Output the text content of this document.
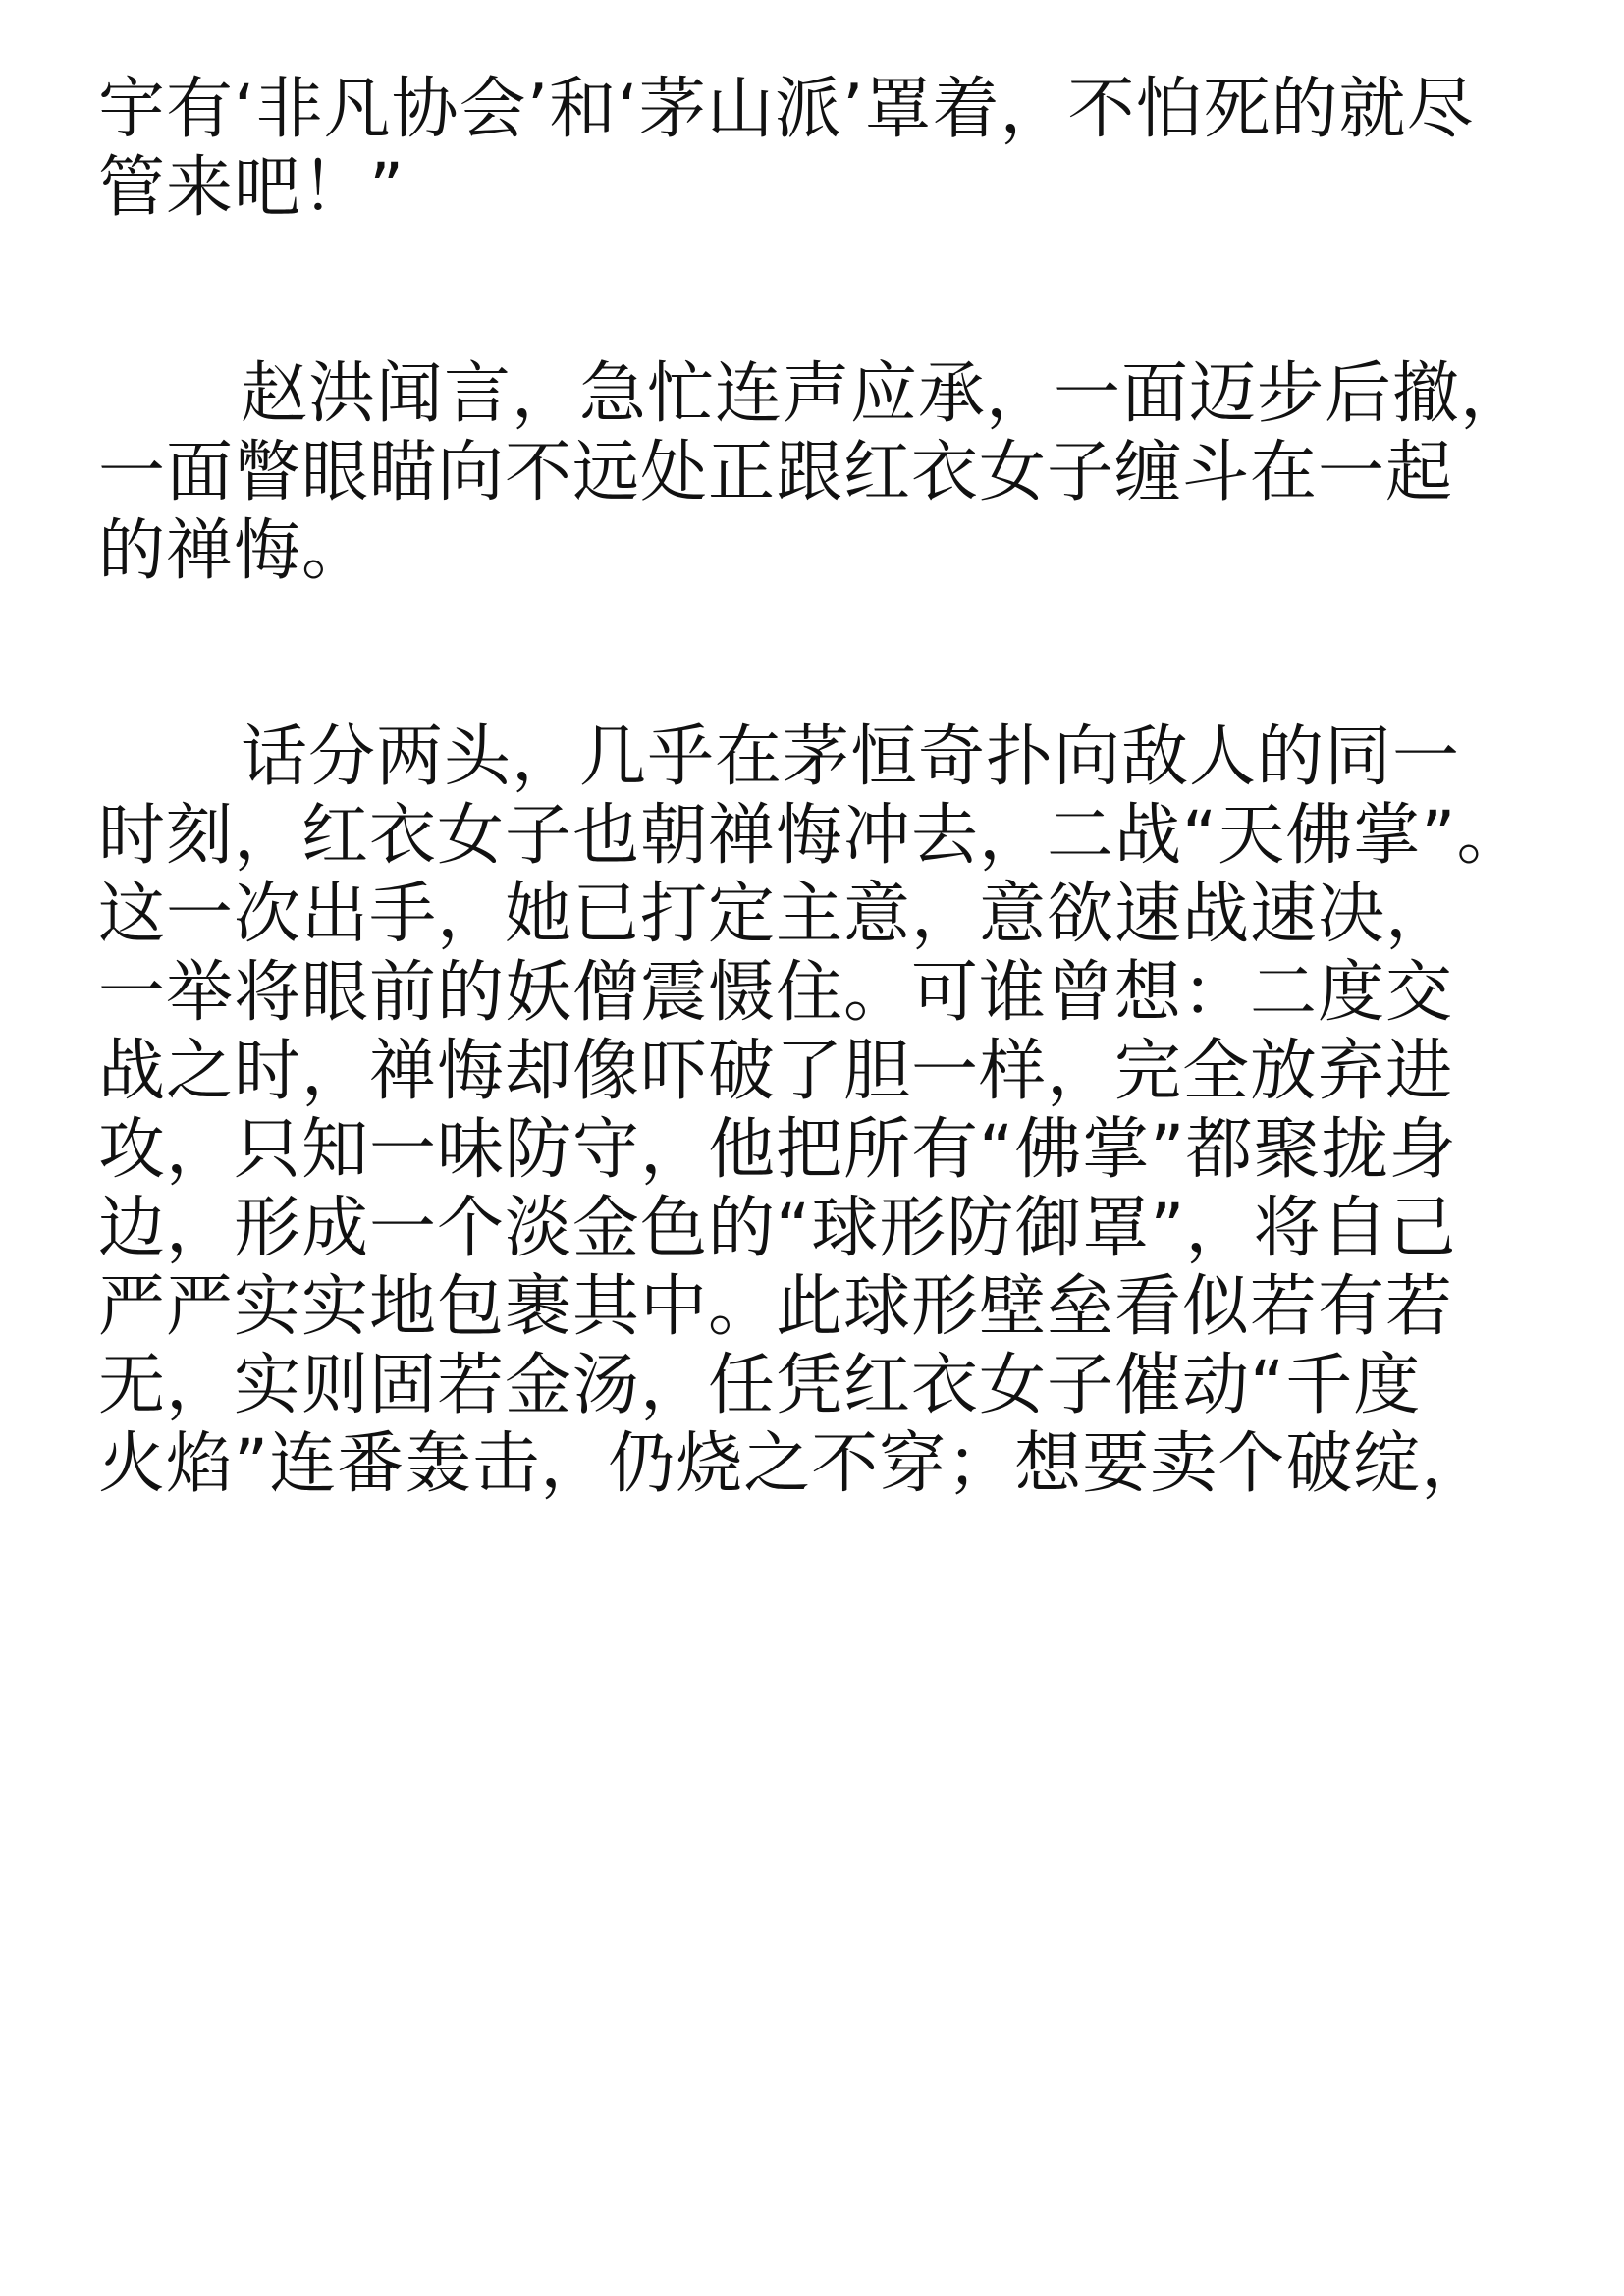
宇有‘非凡协会’和‘茅山派’罩着，不怕死的就尽
管来吧！”
赵洪闻言，急忙连声应承，一面迈步后撤，
一面瞥眼瞄向不远处正跟红衣女子缠斗在一起
的禅悔。
话分两头，几乎在茅恒奇扑向敌人的同一
时刻，红衣女子也朝禅悔冲去，二战“天佛掌”。
这一次出手，她已打定主意，意欲速战速决，
一举将眼前的妖僧震慑住。可谁曾想：二度交
战之时，禅悔却像吓破了胆一样，完全放弃进
攻，只知一味防守，他把所有“佛掌”都聚拢身
边，形成一个淡金色的“球形防御罩”，将自己
严严实实地包裹其中。此球形壁垒看似若有若
无，实则固若金汤，任凭红衣女子催动“千度
火焰”连番轰击，仍烧之不穿；想要卖个破绽，
